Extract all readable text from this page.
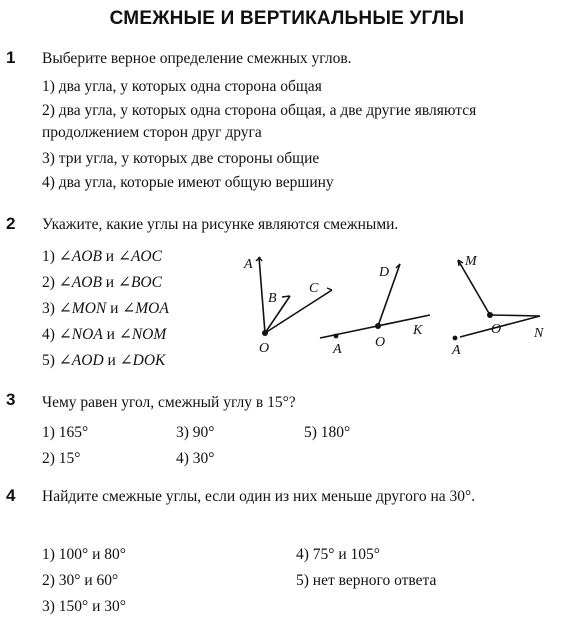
СМЕЖНЫЕ И ВЕРТИКАЛЬНЫЕ УГЛЫ
1 Выберите верное определение смежных углов.
1) два угла, у которых одна сторона общая
2) два угла, у которых одна сторона общая, а две другие являются продолжением сторон друг друга
3) три угла, у которых две стороны общие
4) два угла, которые имеют общую вершину
2 Укажите, какие углы на рисунке являются смежными.
1) ∠AOB и ∠AOC
2) ∠AOB и ∠BOC
3) ∠MON и ∠MOA
4) ∠NOA и ∠NOM
5) ∠AOD и ∠DOK
A
B
C
O
D
A O
K
M
A
O N
3 Чему равен угол, смежный углу в 15°?
1) 165°
2) 15°
3) 90°
4) 30°
5) 180°
4 Найдите смежные углы, если один из них меньше другого на 30°.
1) 100° и 80°
2) 30° и 60°
3) 150° и 30°
4) 75° и 105°
5) нет верного ответа
